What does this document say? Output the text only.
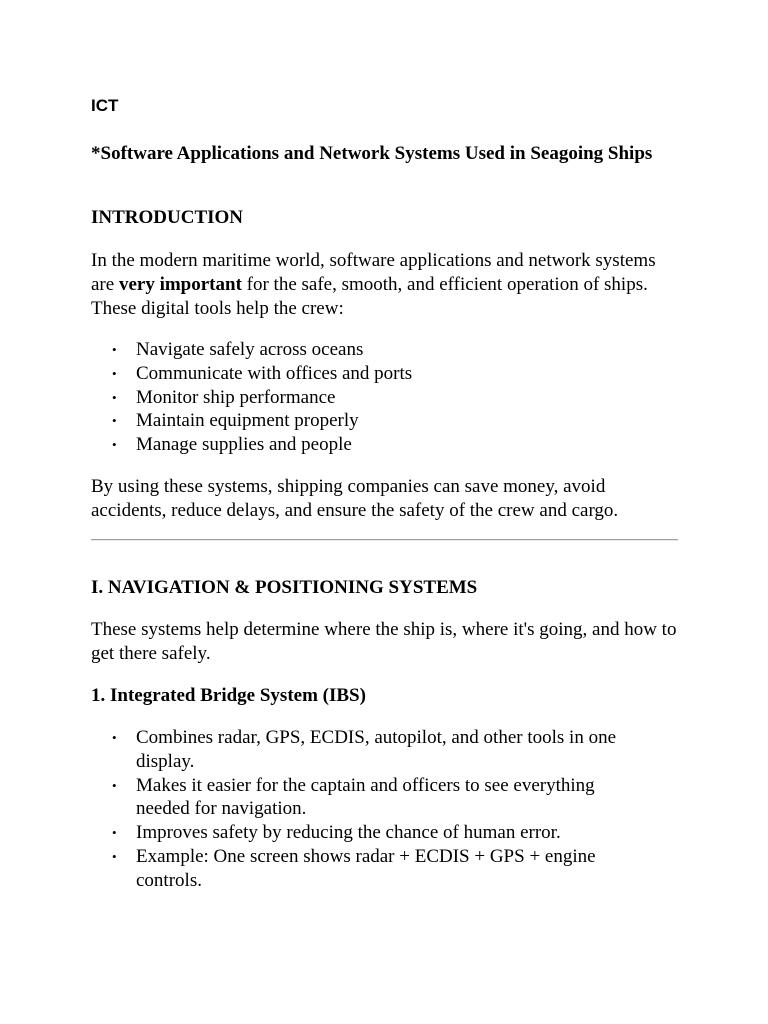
ICT

*Software Applications and Network Systems Used in Seagoing Ships
INTRODUCTION

In the modern maritime world, software applications and network systems are very important for the safe, smooth, and efficient operation of ships. These digital tools help the crew:

• Navigate safely across oceans
• Communicate with offices and ports
• Monitor ship performance
• Maintain equipment properly
• Manage supplies and people

By using these systems, shipping companies can save money, avoid accidents, reduce delays, and ensure the safety of the crew and cargo.

I. NAVIGATION & POSITIONING SYSTEMS

These systems help determine where the ship is, where it's going, and how to get there safely.

1. Integrated Bridge System (IBS)
• Combines radar, GPS, ECDIS, autopilot, and other tools in one display.
• Makes it easier for the captain and officers to see everything needed for navigation.
• Improves safety by reducing the chance of human error.
• Example: One screen shows radar + ECDIS + GPS + engine controls.
